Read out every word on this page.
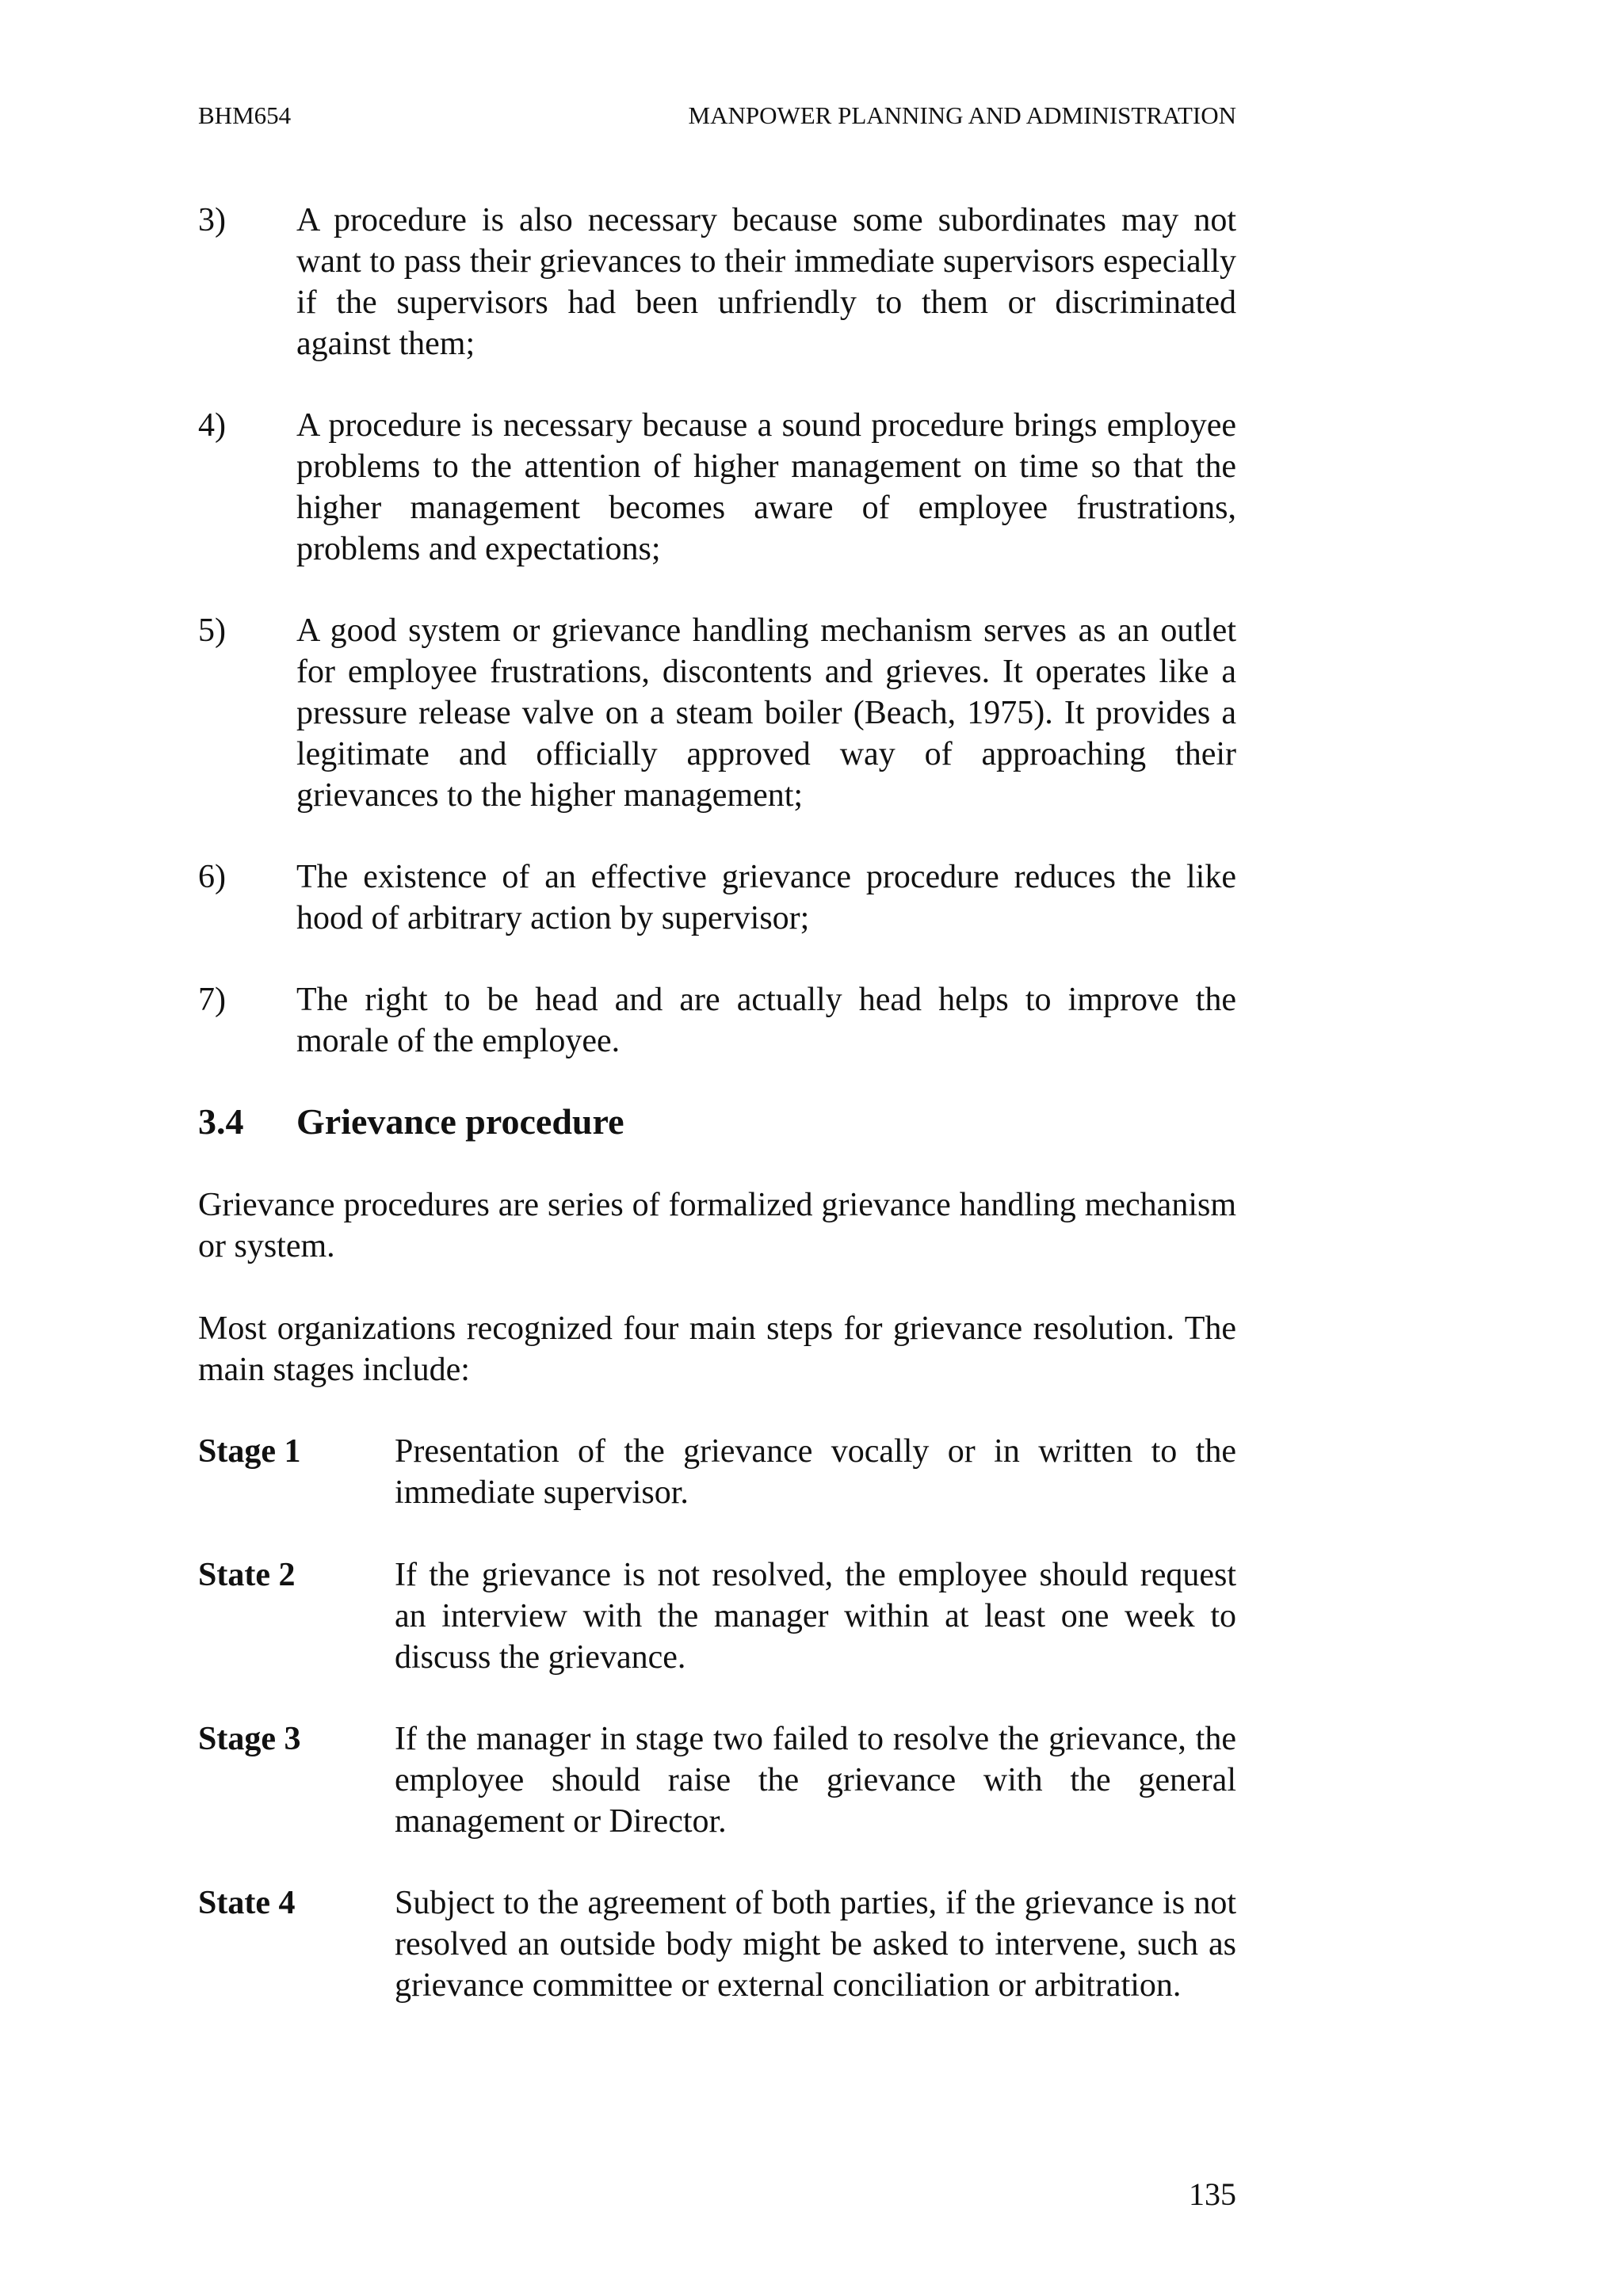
BHM654	MANPOWER PLANNING AND ADMINISTRATION
3) A procedure is also necessary because some subordinates may not want to pass their grievances to their immediate supervisors especially if the supervisors had been unfriendly to them or discriminated against them;

4) A procedure is necessary because a sound procedure brings employee problems to the attention of higher management on time so that the higher management becomes aware of employee frustrations, problems and expectations;

5) A good system or grievance handling mechanism serves as an outlet for employee frustrations, discontents and grieves. It operates like a pressure release valve on a steam boiler (Beach, 1975). It provides a legitimate and officially approved way of approaching their grievances to the higher management;

6) The existence of an effective grievance procedure reduces the like hood of arbitrary action by supervisor;

7) The right to be head and are actually head helps to improve the morale of the employee.

3.4 Grievance procedure

Grievance procedures are series of formalized grievance handling mechanism or system.

Most organizations recognized four main steps for grievance resolution. The main stages include:

Stage 1	Presentation of the grievance vocally or in written to the immediate supervisor.

State 2	If the grievance is not resolved, the employee should request an interview with the manager within at least one week to discuss the grievance.

Stage 3	If the manager in stage two failed to resolve the grievance, the employee should raise the grievance with the general management or Director.

State 4	Subject to the agreement of both parties, if the grievance is not resolved an outside body might be asked to intervene, such as grievance committee or external conciliation or arbitration.

135
